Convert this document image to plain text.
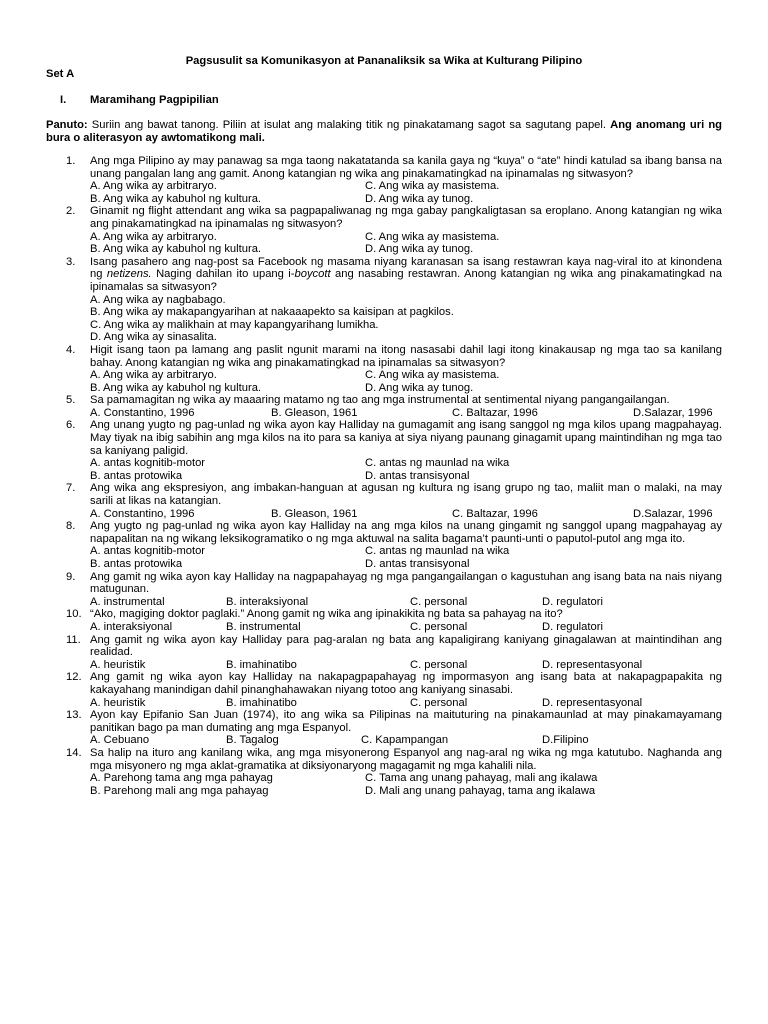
Pagsusulit sa Komunikasyon at Pananaliksik sa Wika at Kulturang Pilipino
Set A
I. Maramihang Pagpipilian
Panuto: Suriin ang bawat tanong. Piliin at isulat ang malaking titik ng pinakatamang sagot sa sagutang papel. Ang anomang uri ng bura o aliterasyon ay awtomatikong mali.
1. Ang mga Pilipino ay may panawag sa mga taong nakatatanda sa kanila gaya ng “kuya” o “ate” hindi katulad sa ibang bansa na unang pangalan lang ang gamit. Anong katangian ng wika ang pinakamatingkad na ipinamalas ng sitwasyon?
A. Ang wika ay arbitraryo.	C. Ang wika ay masistema.
B. Ang wika ay kabuhol ng kultura.	D. Ang wika ay tunog.
2. Ginamit ng flight attendant ang wika sa pagpapaliwanag ng mga gabay pangkaligtasan sa eroplano. Anong katangian ng wika ang pinakamatingkad na ipinamalas ng sitwasyon?
A. Ang wika ay arbitraryo.	C. Ang wika ay masistema.
B. Ang wika ay kabuhol ng kultura.	D. Ang wika ay tunog.
3. Isang pasahero ang nag-post sa Facebook ng masama niyang karanasan sa isang restawran kaya nag-viral ito at kinondena ng netizens. Naging dahilan ito upang i-boycott ang nasabing restawran. Anong katangian ng wika ang pinakamatingkad na ipinamalas sa sitwasyon?
A. Ang wika ay nagbabago.
B. Ang wika ay makapangyarihan at nakaaapekto sa kaisipan at pagkilos.
C. Ang wika ay malikhain at may kapangyarihang lumikha.
D. Ang wika ay sinasalita.
4. Higit isang taon pa lamang ang paslit ngunit marami na itong nasasabi dahil lagi itong kinakausap ng mga tao sa kanilang bahay. Anong katangian ng wika ang pinakamatingkad na ipinamalas sa sitwasyon?
A. Ang wika ay arbitraryo.	C. Ang wika ay masistema.
B. Ang wika ay kabuhol ng kultura.	D. Ang wika ay tunog.
5. Sa pamamagitan ng wika ay maaaring matamo ng tao ang mga instrumental at sentimental niyang pangangailangan.
A. Constantino, 1996	B. Gleason, 1961	C. Baltazar, 1996	D.Salazar, 1996
6. Ang unang yugto ng pag-unlad ng wika ayon kay Halliday na gumagamit ang isang sanggol ng mga kilos upang magpahayag. May tiyak na ibig sabihin ang mga kilos na ito para sa kaniya at siya niyang paunang ginagamit upang maintindihan ng mga tao sa kaniyang paligid.
A. antas kognitib-motor	C. antas ng maunlad na wika
B. antas protowika	D. antas transisyonal
7. Ang wika ang ekspresiyon, ang imbakan-hanguan at agusan ng kultura ng isang grupo ng tao, maliit man o malaki, na may sarili at likas na katangian.
A. Constantino, 1996	B. Gleason, 1961	C. Baltazar, 1996	D.Salazar, 1996
8. Ang yugto ng pag-unlad ng wika ayon kay Halliday na ang mga kilos na unang gingamit ng sanggol upang magpahayag ay napapalitan na ng wikang leksikogramatiko o ng mga aktuwal na salita bagama’t paunti-unti o paputol-putol ang mga ito.
A. antas kognitib-motor	C. antas ng maunlad na wika
B. antas protowika	D. antas transisyonal
9. Ang gamit ng wika ayon kay Halliday na nagpapahayag ng mga pangangailangan o kagustuhan ang isang bata na nais niyang matugunan.
A. instrumental	B. interaksiyonal	C. personal	D. regulatori
10. “Ako, magiging doktor paglaki.” Anong gamit ng wika ang ipinakikita ng bata sa pahayag na ito?
A. interaksiyonal	B. instrumental	C. personal	D. regulatori
11. Ang gamit ng wika ayon kay Halliday para pag-aralan ng bata ang kapaligirang kaniyang ginagalawan at maintindihan ang realidad.
A. heuristik	B. imahinatibo	C. personal	D. representasyonal
12. Ang gamit ng wika ayon kay Halliday na nakapagpapahayag ng impormasyon ang isang bata at nakapagpapakita ng kakayahang manindigan dahil pinanghahawakan niyang totoo ang kaniyang sinasabi.
A. heuristik	B. imahinatibo	C. personal	D. representasyonal
13. Ayon kay Epifanio San Juan (1974), ito ang wika sa Pilipinas na maituturing na pinakamaunlad at may pinakamayamang panitikan bago pa man dumating ang mga Espanyol.
A. Cebuano	B. Tagalog	C. Kapampangan	D.Filipino
14. Sa halip na ituro ang kanilang wika, ang mga misyonerong Espanyol ang nag-aral ng wika ng mga katutubo. Naghanda ang mga misyonero ng mga aklat-gramatika at diksiyonaryong magagamit ng mga kahalili nila.
A. Parehong tama ang mga pahayag	C. Tama ang unang pahayag, mali ang ikalawa
B. Parehong mali ang mga pahayag	D. Mali ang unang pahayag, tama ang ikalawa
